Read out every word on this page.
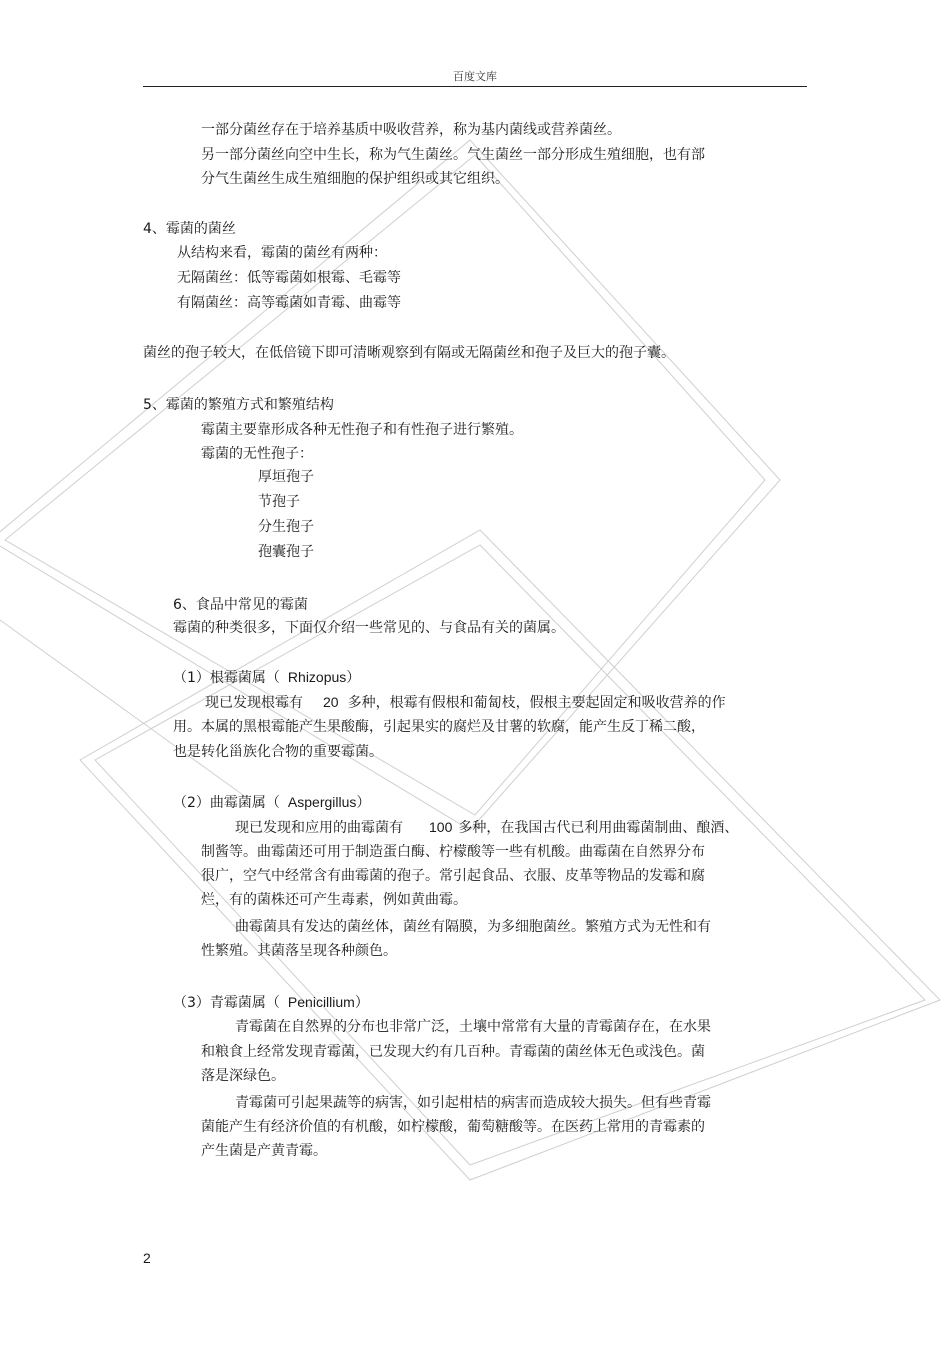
百度文库
一部分菌丝存在于培养基质中吸收营养，称为基内菌线或营养菌丝。
另一部分菌丝向空中生长，称为气生菌丝。气生菌丝一部分形成生殖细胞，也有部
分气生菌丝生成生殖细胞的保护组织或其它组织。
4、霉菌的菌丝
从结构来看，霉菌的菌丝有两种：
无隔菌丝：低等霉菌如根霉、毛霉等
有隔菌丝：高等霉菌如青霉、曲霉等
菌丝的孢子较大，在低倍镜下即可清晰观察到有隔或无隔菌丝和孢子及巨大的孢子囊。
5、霉菌的繁殖方式和繁殖结构
霉菌主要靠形成各种无性孢子和有性孢子进行繁殖。
霉菌的无性孢子：
厚垣孢子
节孢子
分生孢子
孢囊孢子
6、食品中常见的霉菌
霉菌的种类很多，下面仅介绍一些常见的、与食品有关的菌属。
（1）根霉菌属（ Rhizopus）
现已发现根霉有 20 多种，根霉有假根和葡匐枝，假根主要起固定和吸收营养的作
用。本属的黑根霉能产生果酸酶，引起果实的腐烂及甘薯的软腐，能产生反丁稀二酸，
也是转化甾族化合物的重要霉菌。
（2）曲霉菌属（ Aspergillus）
现已发现和应用的曲霉菌有 100 多种，在我国古代已利用曲霉菌制曲、酿酒、
制酱等。曲霉菌还可用于制造蛋白酶、柠檬酸等一些有机酸。曲霉菌在自然界分布
很广，空气中经常含有曲霉菌的孢子。常引起食品、衣服、皮革等物品的发霉和腐
烂，有的菌株还可产生毒素，例如黄曲霉。
曲霉菌具有发达的菌丝体，菌丝有隔膜，为多细胞菌丝。繁殖方式为无性和有
性繁殖。其菌落呈现各种颜色。
（3）青霉菌属（ Penicillium）
青霉菌在自然界的分布也非常广泛，土壤中常常有大量的青霉菌存在，在水果
和粮食上经常发现青霉菌，已发现大约有几百种。青霉菌的菌丝体无色或浅色。菌
落是深绿色。
青霉菌可引起果蔬等的病害，如引起柑桔的病害而造成较大损失。但有些青霉
菌能产生有经济价值的有机酸，如柠檬酸，葡萄糖酸等。在医药上常用的青霉素的
产生菌是产黄青霉。
2
